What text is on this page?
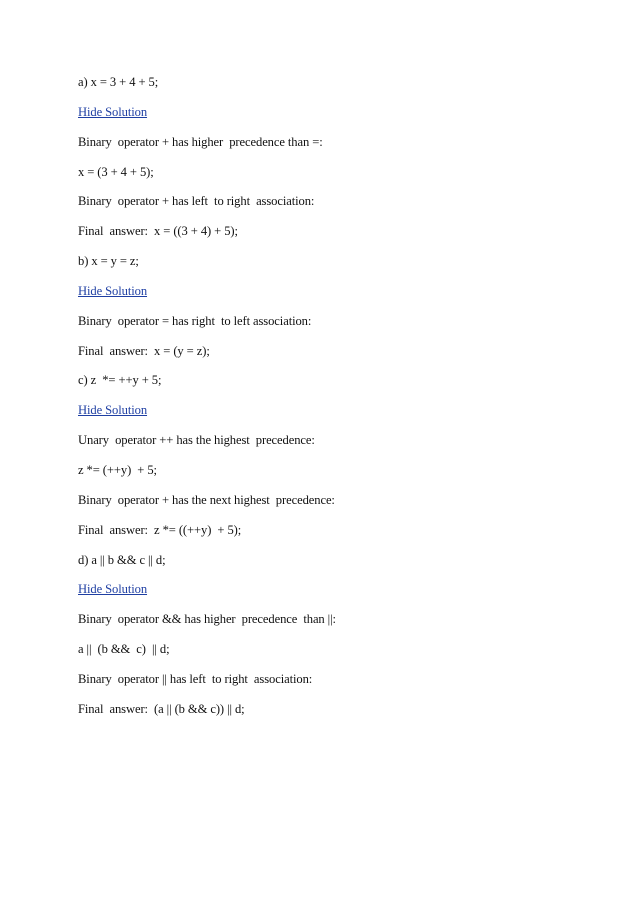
a) x = 3 + 4 + 5;
Hide Solution
Binary  operator + has higher  precedence than =:
x = (3 + 4 + 5);
Binary  operator + has left  to right  association:
Final  answer:  x = ((3 + 4) + 5);
b) x = y = z;
Hide Solution
Binary  operator = has right  to left association:
Final  answer:  x = (y = z);
c) z  *= ++y + 5;
Hide Solution
Unary  operator ++ has the highest  precedence:
z *= (++y)  + 5;
Binary  operator + has the next highest  precedence:
Final  answer:  z *= ((++y)  + 5);
d) a || b && c || d;
Hide Solution
Binary  operator && has higher  precedence  than ||:
a ||  (b &&  c)  || d;
Binary  operator || has left  to right  association:
Final  answer:  (a || (b && c)) || d;
